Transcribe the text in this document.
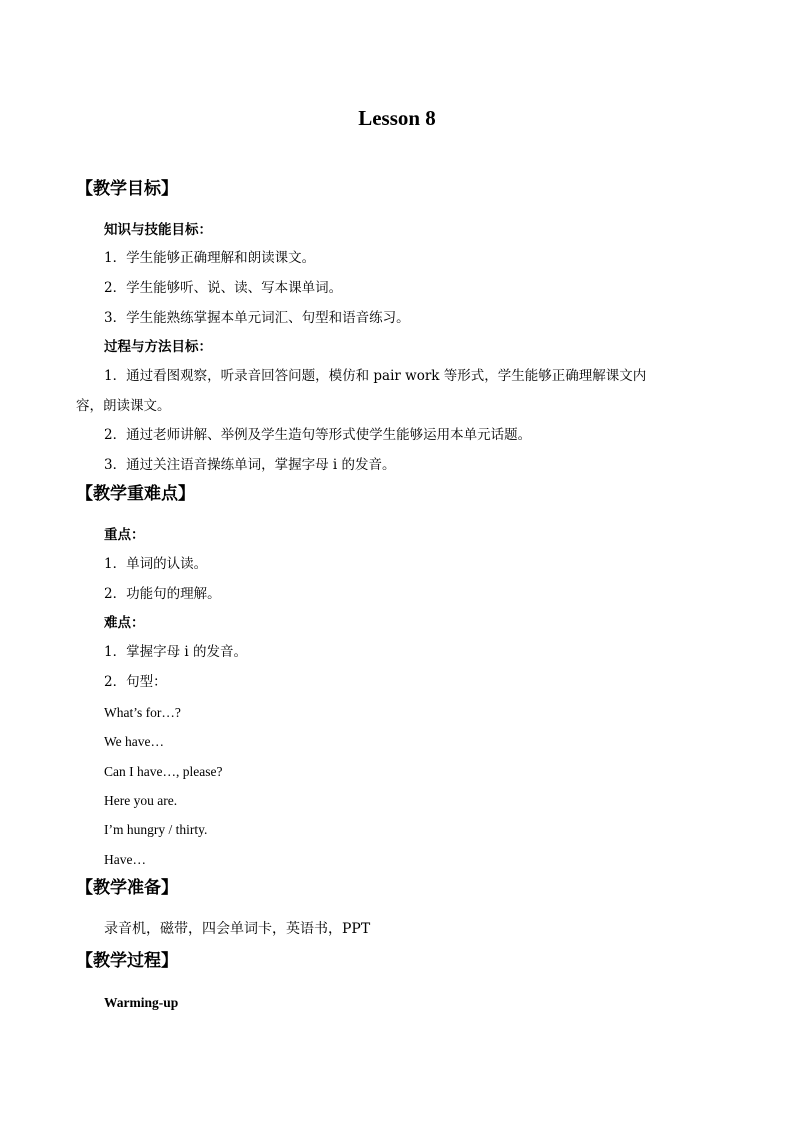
Lesson 8
【教学目标】
知识与技能目标：
1．学生能够正确理解和朗读课文。
2．学生能够听、说、读、写本课单词。
3．学生能熟练掌握本单元词汇、句型和语音练习。
过程与方法目标：
1．通过看图观察，听录音回答问题，模仿和 pair work 等形式，学生能够正确理解课文内
容，朗读课文。
2．通过老师讲解、举例及学生造句等形式使学生能够运用本单元话题。
3．通过关注语音操练单词，掌握字母 i 的发音。
【教学重难点】
重点：
1．单词的认读。
2．功能句的理解。
难点：
1．掌握字母 i 的发音。
2．句型：
What’s for…?
We have…
Can I have…, please?
Here you are.
I’m hungry / thirty.
Have…
【教学准备】
录音机，磁带，四会单词卡，英语书，PPT
【教学过程】
Warming-up
